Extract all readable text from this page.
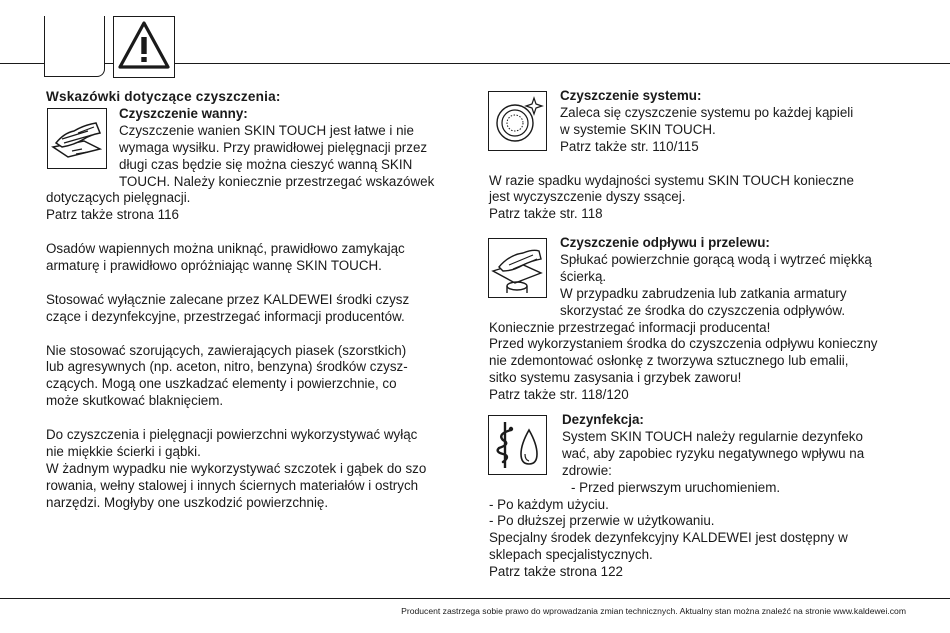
Wskazówki dotyczące czyszczenia:

Czyszczenie wanny:

Czyszczenie wanien SKIN TOUCH jest łatwe i nie

wymaga wysiłku. Przy prawidłowej pielęgnacji przez

długi czas będzie się można cieszyć wanną SKIN

TOUCH. Należy koniecznie przestrzegać wskazówek

dotyczących pielęgnacji.

Patrz także strona 116

Osadów wapiennych można uniknąć, prawidłowo zamykając

armaturę i prawidłowo opróżniając wannę SKIN TOUCH.

Stosować wyłącznie zalecane przez KALDEWEI środki czysz

czące i dezynfekcyjne, przestrzegać informacji producentów.

Nie stosować szorujących, zawierających piasek (szorstkich)

lub agresywnych (np. aceton, nitro, benzyna) środków czysz-

czących. Mogą one uszkadzać elementy i powierzchnie, co

może skutkować blaknięciem.

Do czyszczenia i pielęgnacji powierzchni wykorzystywać wyłąc

nie miękkie ścierki i gąbki.

W żadnym wypadku nie wykorzystywać szczotek i gąbek do szo

rowania, wełny stalowej i innych ściernych materiałów i ostrych

narzędzi. Mogłyby one uszkodzić powierzchnię.

Czyszczenie systemu:

Zaleca się czyszczenie systemu po każdej kąpieli

w systemie SKIN TOUCH.

Patrz także str. 110/115

W razie spadku wydajności systemu SKIN TOUCH konieczne

jest wyczyszczenie dyszy ssącej.

Patrz także str. 118

Czyszczenie odpływu i przelewu:

Spłukać powierzchnie gorącą wodą i wytrzeć miękką

ścierką.

W przypadku zabrudzenia lub zatkania armatury

skorzystać ze środka do czyszczenia odpływów.

Koniecznie przestrzegać informacji producenta!

Przed wykorzystaniem środka do czyszczenia odpływu konieczny

nie zdemontować osłonkę z tworzywa sztucznego lub emalii,

sitko systemu zasysania i grzybek zaworu!

Patrz także str. 118/120

Dezynfekcja:

System SKIN TOUCH należy regularnie dezynfeko

wać, aby zapobiec ryzyku negatywnego wpływu na

zdrowie:

- Przed pierwszym uruchomieniem.

- Po każdym użyciu.

- Po dłuższej przerwie w użytkowaniu.

Specjalny środek dezynfekcyjny KALDEWEI jest dostępny w

sklepach specjalistycznych.

Patrz także strona 122

Producent zastrzega sobie prawo do wprowadzania zmian technicznych. Aktualny stan można znaleźć na stronie www.kaldewei.com
